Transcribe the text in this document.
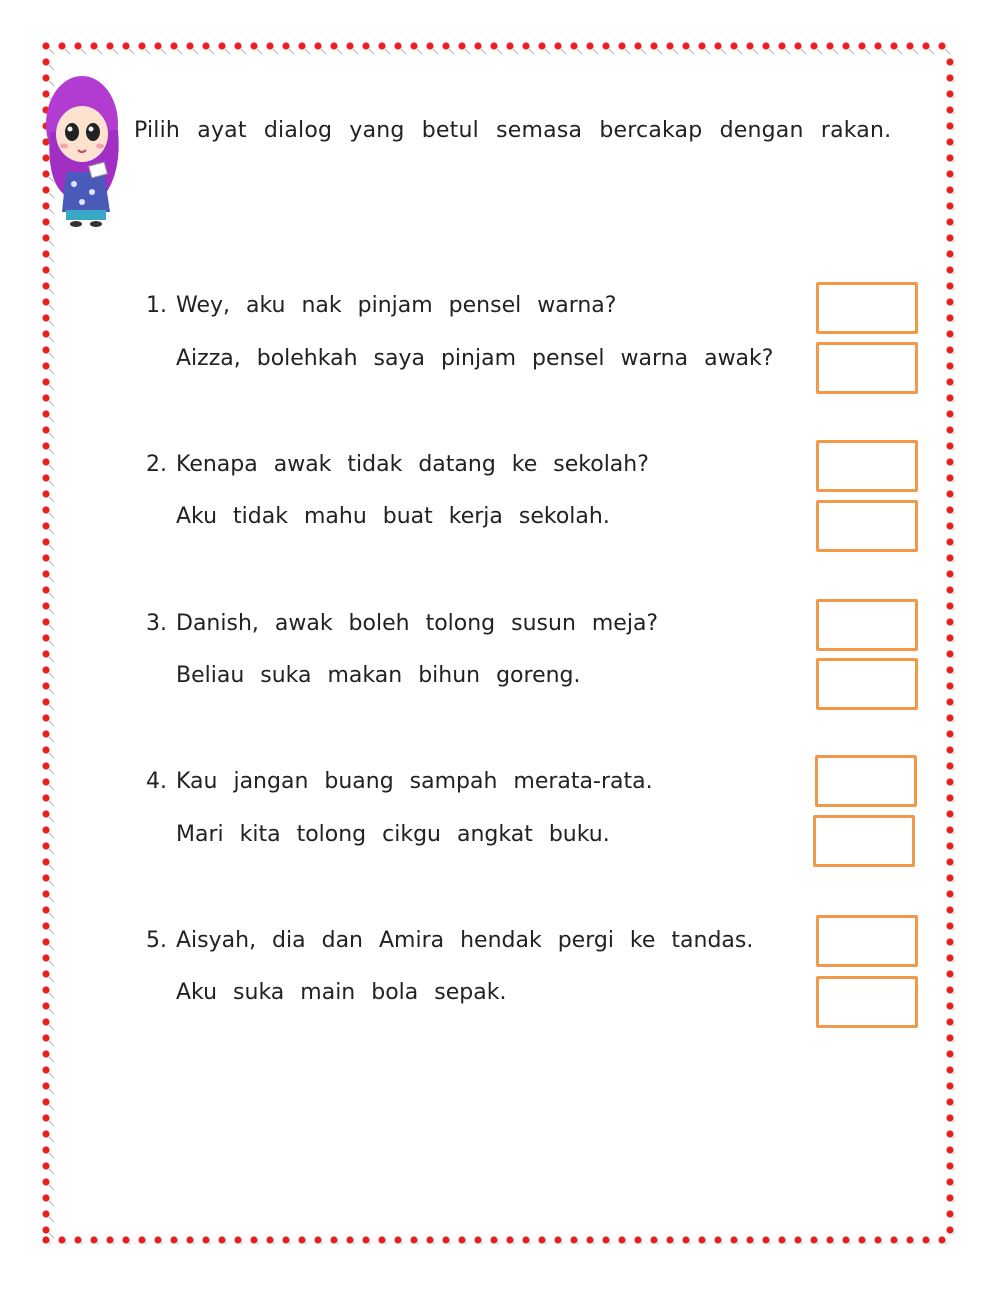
Pilih ayat dialog yang betul semasa bercakap dengan rakan.
1. Wey, aku nak pinjam pensel warna?
Aizza, bolehkah saya pinjam pensel warna awak?
2. Kenapa awak tidak datang ke sekolah?
Aku tidak mahu buat kerja sekolah.
3. Danish, awak boleh tolong susun meja?
Beliau suka makan bihun goreng.
4. Kau jangan buang sampah merata-rata.
Mari kita tolong cikgu angkat buku.
5. Aisyah, dia dan Amira hendak pergi ke tandas.
Aku suka main bola sepak.
